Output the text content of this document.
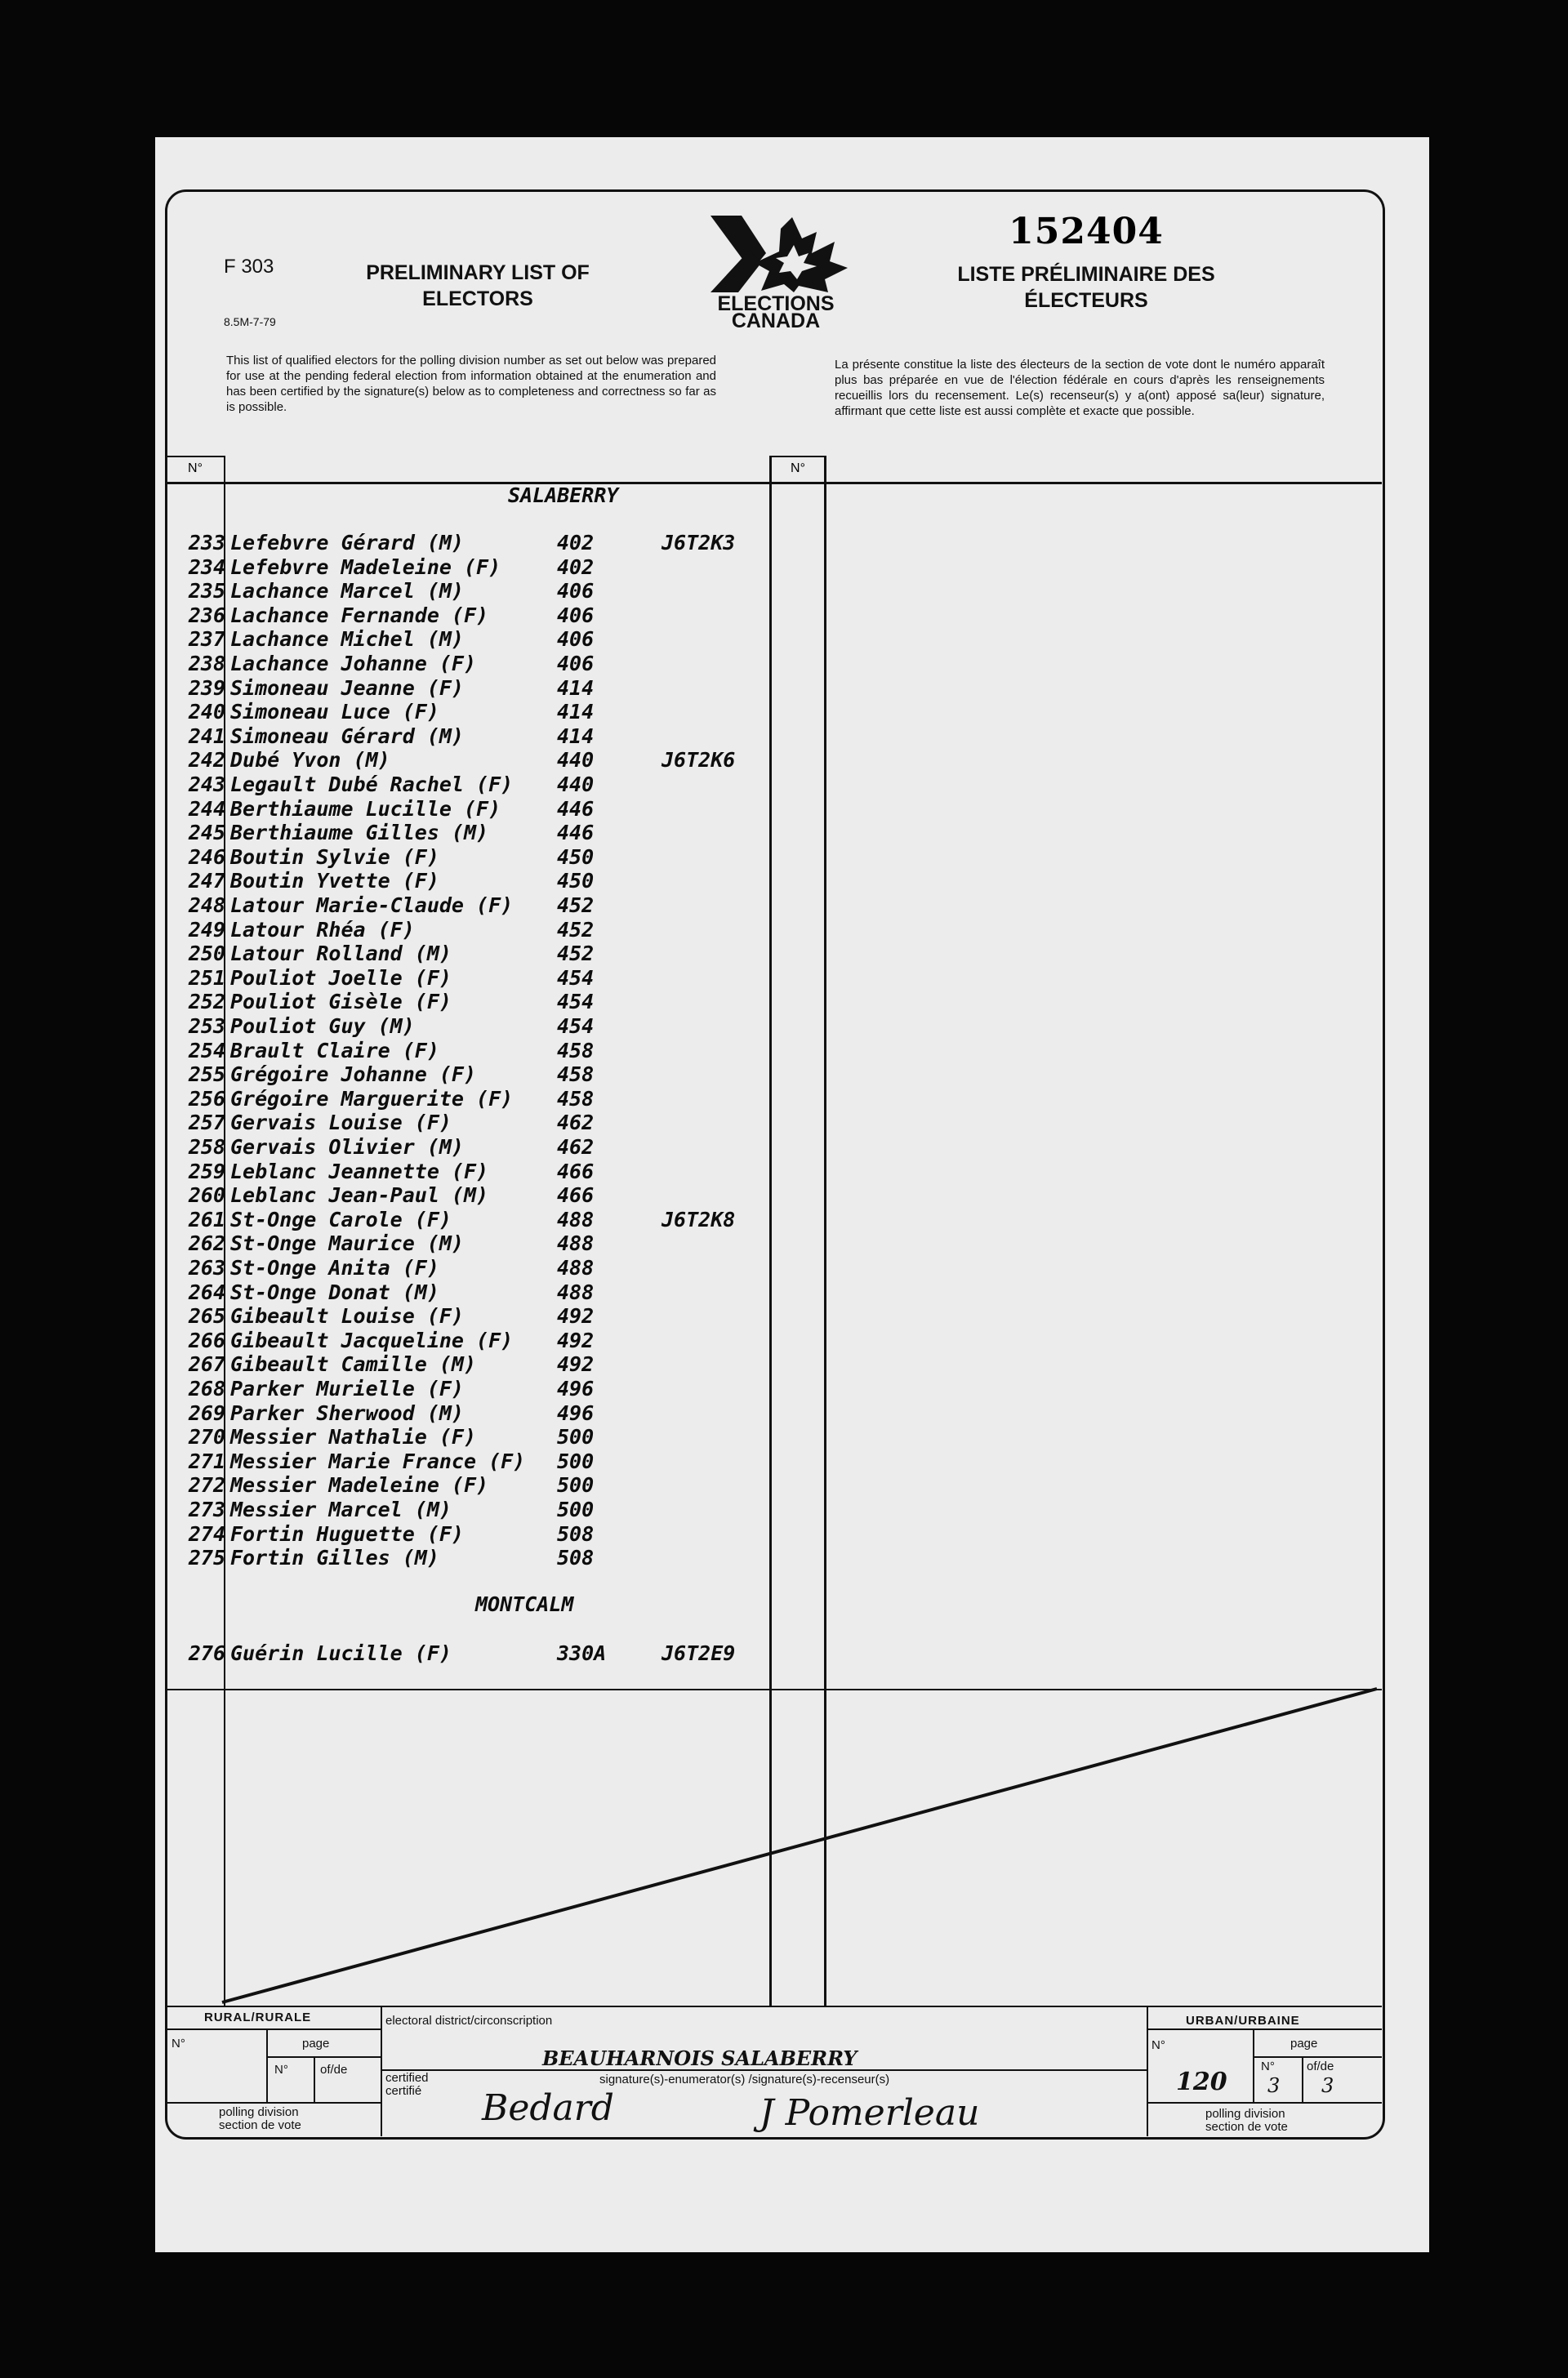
F 303
8.5M-7-79
PRELIMINARY LIST OF
ELECTORS
LISTE PRÉLIMINAIRE DES
ÉLECTEURS
152404
ELECTIONS
CANADA
This list of qualified electors for the polling division number as set out below was prepared for use at the pending federal election from information obtained at the enumeration and has been certified by the signature(s) below as to completeness and correctness so far as is possible.
La présente constitue la liste des électeurs de la section de vote dont le numéro apparaît plus bas préparée en vue de l'élection fédérale en cours d'après les renseignements recueillis lors du recensement. Le(s) recenseur(s) y a(ont) apposé sa(leur) signature, affirmant que cette liste est aussi complète et exacte que possible.
N°	N°
SALABERRY
233 Lefebvre Gérard (M)	402	J6T2K3
234 Lefebvre Madeleine (F)	402
235 Lachance Marcel (M)	406
236 Lachance Fernande (F)	406
237 Lachance Michel (M)	406
238 Lachance Johanne (F)	406
239 Simoneau Jeanne (F)	414
240 Simoneau Luce (F)	414
241 Simoneau Gérard (M)	414
242 Dubé Yvon (M)	440	J6T2K6
243 Legault Dubé Rachel (F) 440
244 Berthiaume Lucille (F)	446
245 Berthiaume Gilles (M)	446
246 Boutin Sylvie (F)	450
247 Boutin Yvette (F)	450
248 Latour Marie-Claude (F) 452
249 Latour Rhéa (F)	452
250 Latour Rolland (M)	452
251 Pouliot Joelle (F)	454
252 Pouliot Gisèle (F)	454
253 Pouliot Guy (M)	454
254 Brault Claire (F)	458
255 Grégoire Johanne (F)	458
256 Grégoire Marguerite (F) 458
257 Gervais Louise (F)	462
258 Gervais Olivier (M)	462
259 Leblanc Jeannette (F)	466
260 Leblanc Jean-Paul (M)	466
261 St-Onge Carole (F)	488	J6T2K8
262 St-Onge Maurice (M)	488
263 St-Onge Anita (F)	488
264 St-Onge Donat (M)	488
265 Gibeault Louise (F)	492
266 Gibeault Jacqueline (F) 492
267 Gibeault Camille (M)	492
268 Parker Murielle (F)	496
269 Parker Sherwood (M)	496
270 Messier Nathalie (F)	500
271 Messier Marie France (F) 500
272 Messier Madeleine (F)	500
273 Messier Marcel (M)	500
274 Fortin Huguette (F)	508
275 Fortin Gilles (M)	508
MONTCALM
276 Guérin Lucille (F)	330A	J6T2E9
RURAL/RURALE
N°	page
N°	of/de
polling division
section de vote
electoral district/circonscription
BEAUHARNOIS SALABERRY
certified
certifié
signature(s)-enumerator(s) /signature(s)-recenseur(s)
Bedard	J Pomerleau
URBAN/URBAINE
N°	page
120
N°	of/de
3 3
polling division
section de vote
